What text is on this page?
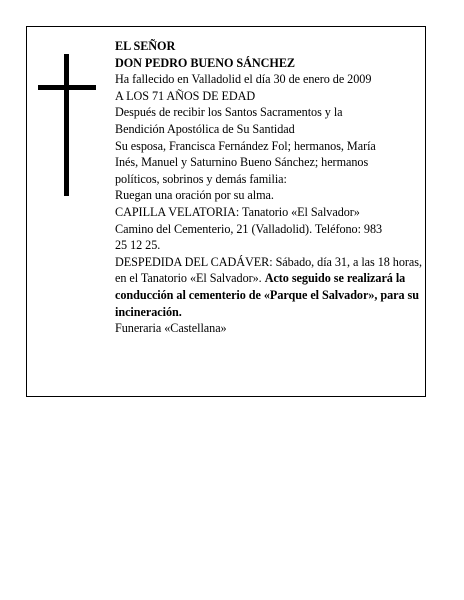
EL SEÑOR

DON PEDRO BUENO SÁNCHEZ

Ha fallecido en Valladolid el día 30 de enero de 2009

A LOS 71 AÑOS DE EDAD

Después de recibir los Santos Sacramentos y la Bendición Apostólica de Su Santidad

Su esposa, Francisca Fernández Fol; hermanos, María Inés, Manuel y Saturnino Bueno Sánchez; hermanos políticos, sobrinos y demás familia:

Ruegan una oración por su alma.

CAPILLA VELATORIA: Tanatorio «El Salvador»

Camino del Cementerio, 21 (Valladolid). Teléfono: 983 25 12 25.

DESPEDIDA DEL CADÁVER: Sábado, día 31, a las 18 horas, en el Tanatorio «El Salvador». Acto seguido se realizará la conducción al cementerio de «Parque el Salvador», para su incineración.

Funeraria «Castellana»
